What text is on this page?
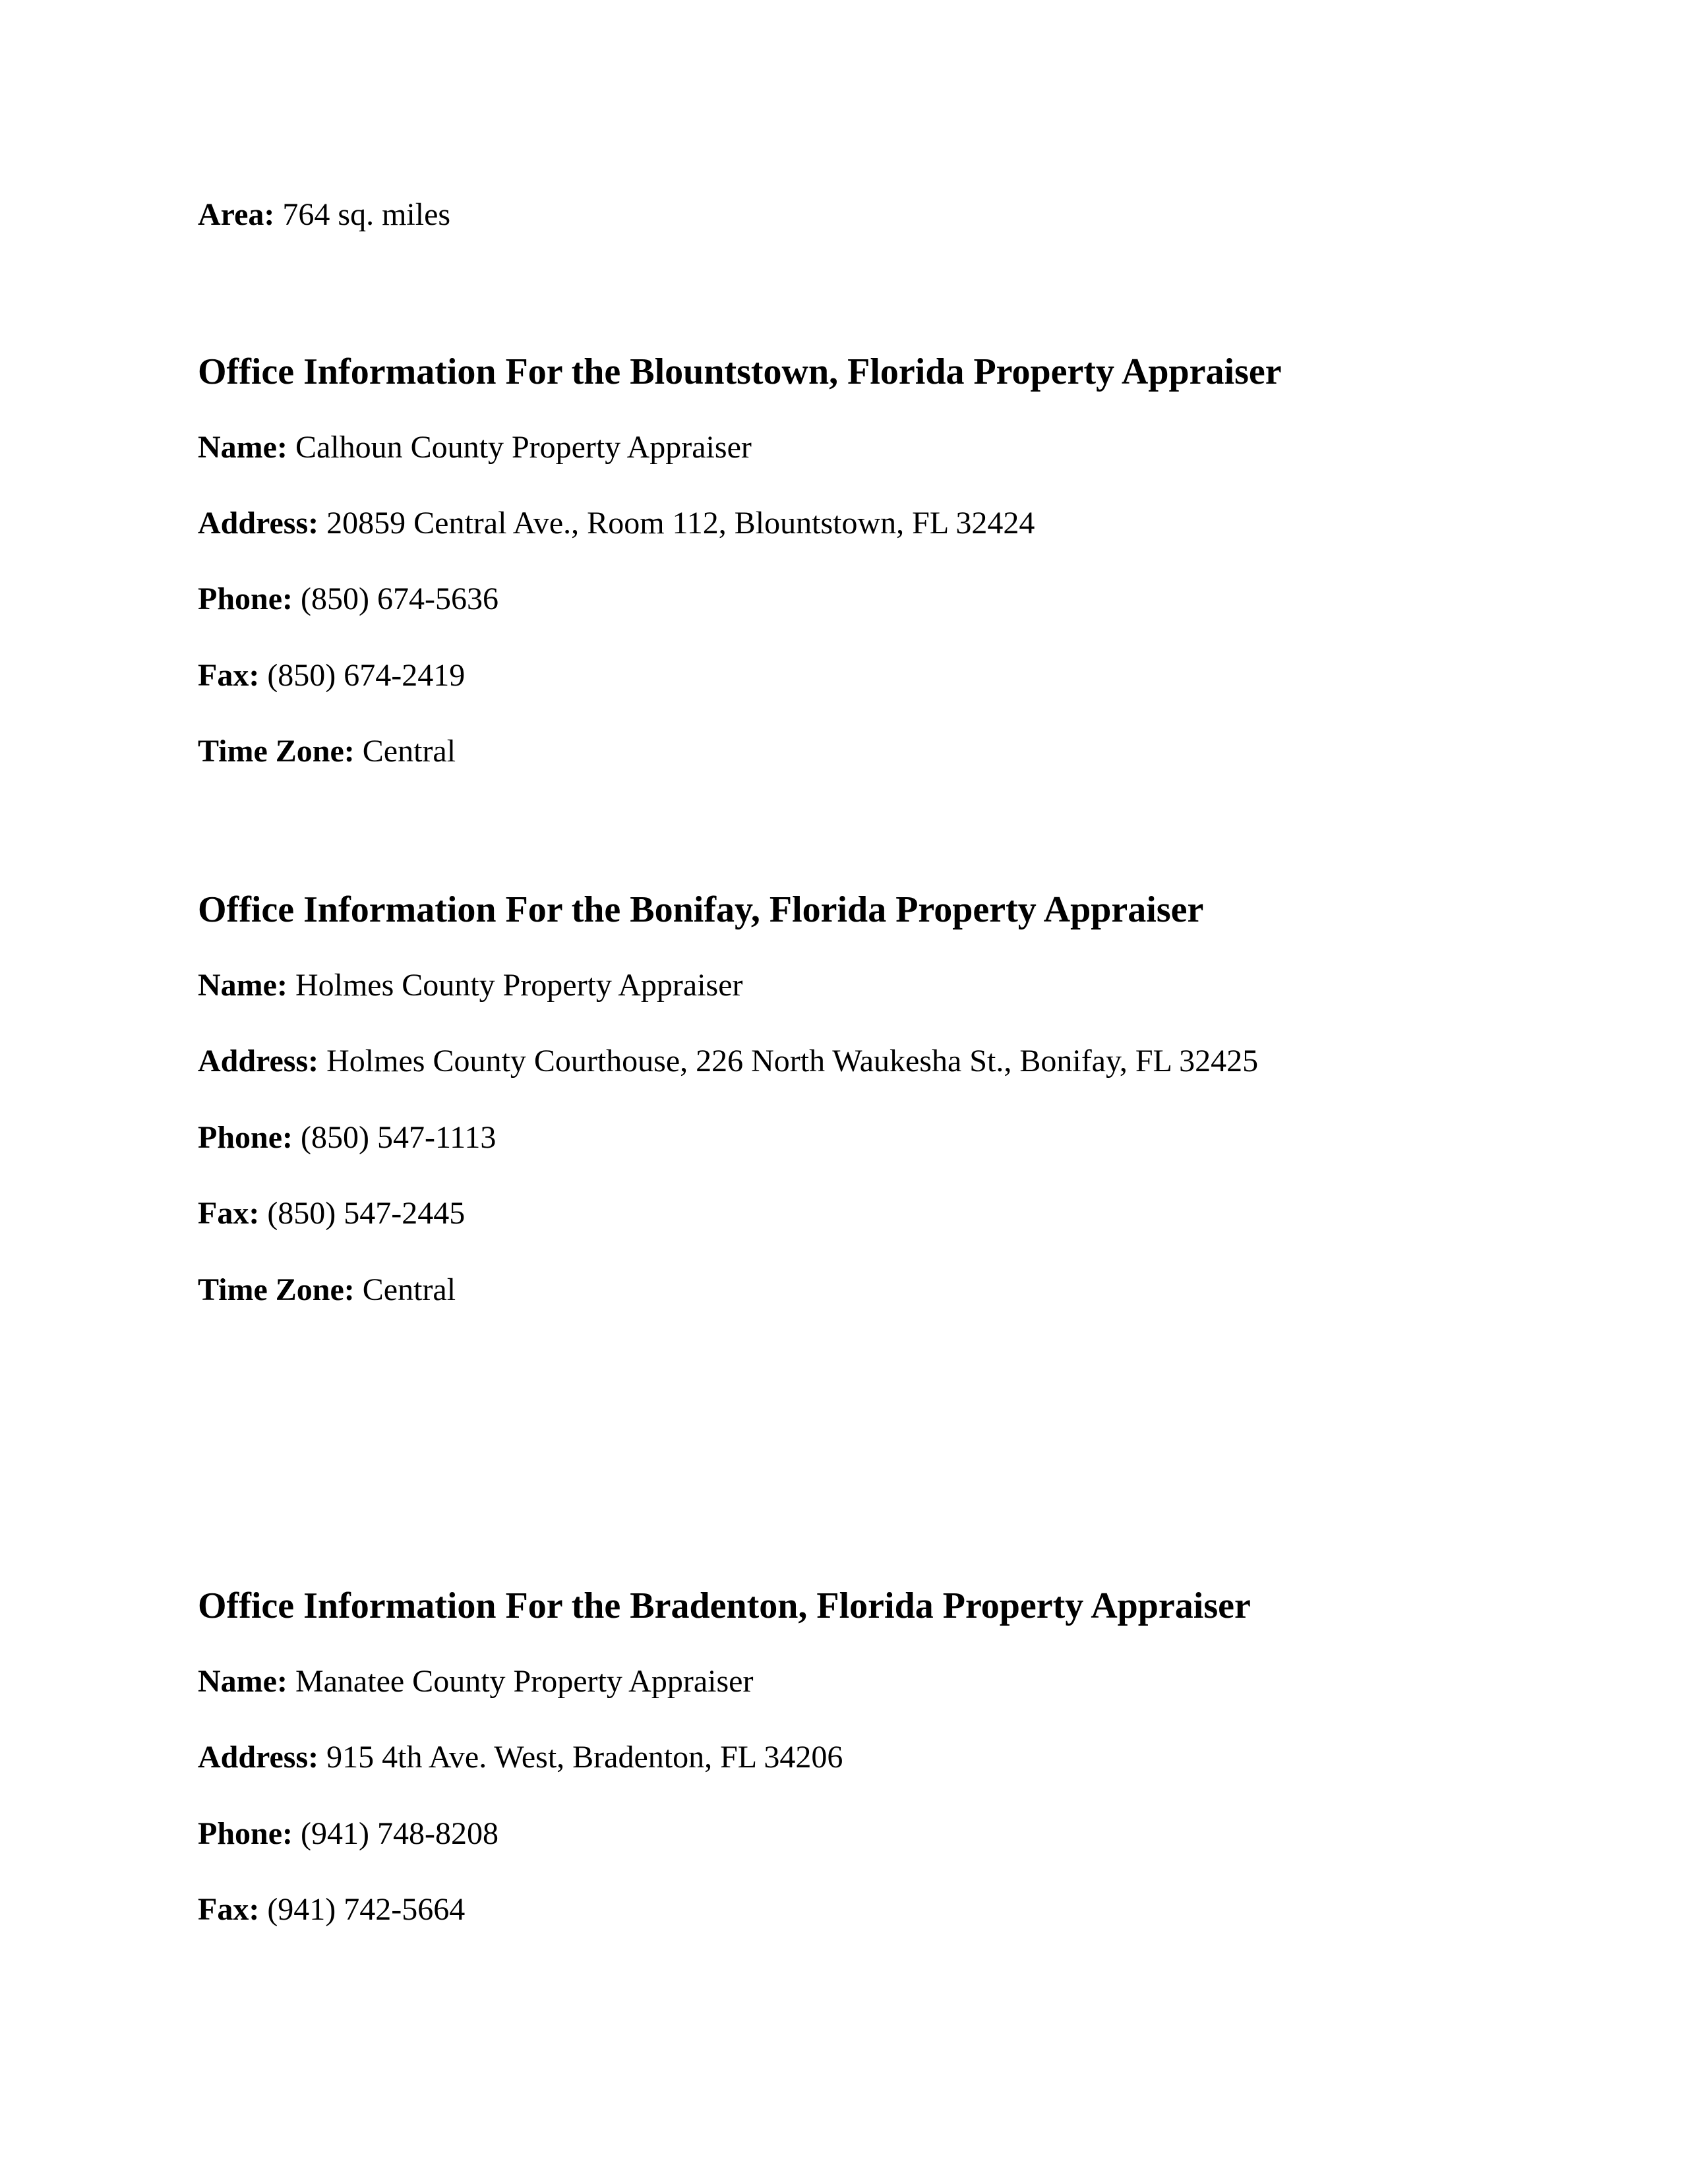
Area: 764 sq. miles
Office Information For the Blountstown, Florida Property Appraiser
Name: Calhoun County Property Appraiser
Address: 20859 Central Ave., Room 112, Blountstown, FL 32424
Phone: (850) 674-5636
Fax: (850) 674-2419
Time Zone: Central
Office Information For the Bonifay, Florida Property Appraiser
Name: Holmes County Property Appraiser
Address: Holmes County Courthouse, 226 North Waukesha St., Bonifay, FL 32425
Phone: (850) 547-1113
Fax: (850) 547-2445
Time Zone: Central
Office Information For the Bradenton, Florida Property Appraiser
Name: Manatee County Property Appraiser
Address: 915 4th Ave. West, Bradenton, FL 34206
Phone: (941) 748-8208
Fax: (941) 742-5664
